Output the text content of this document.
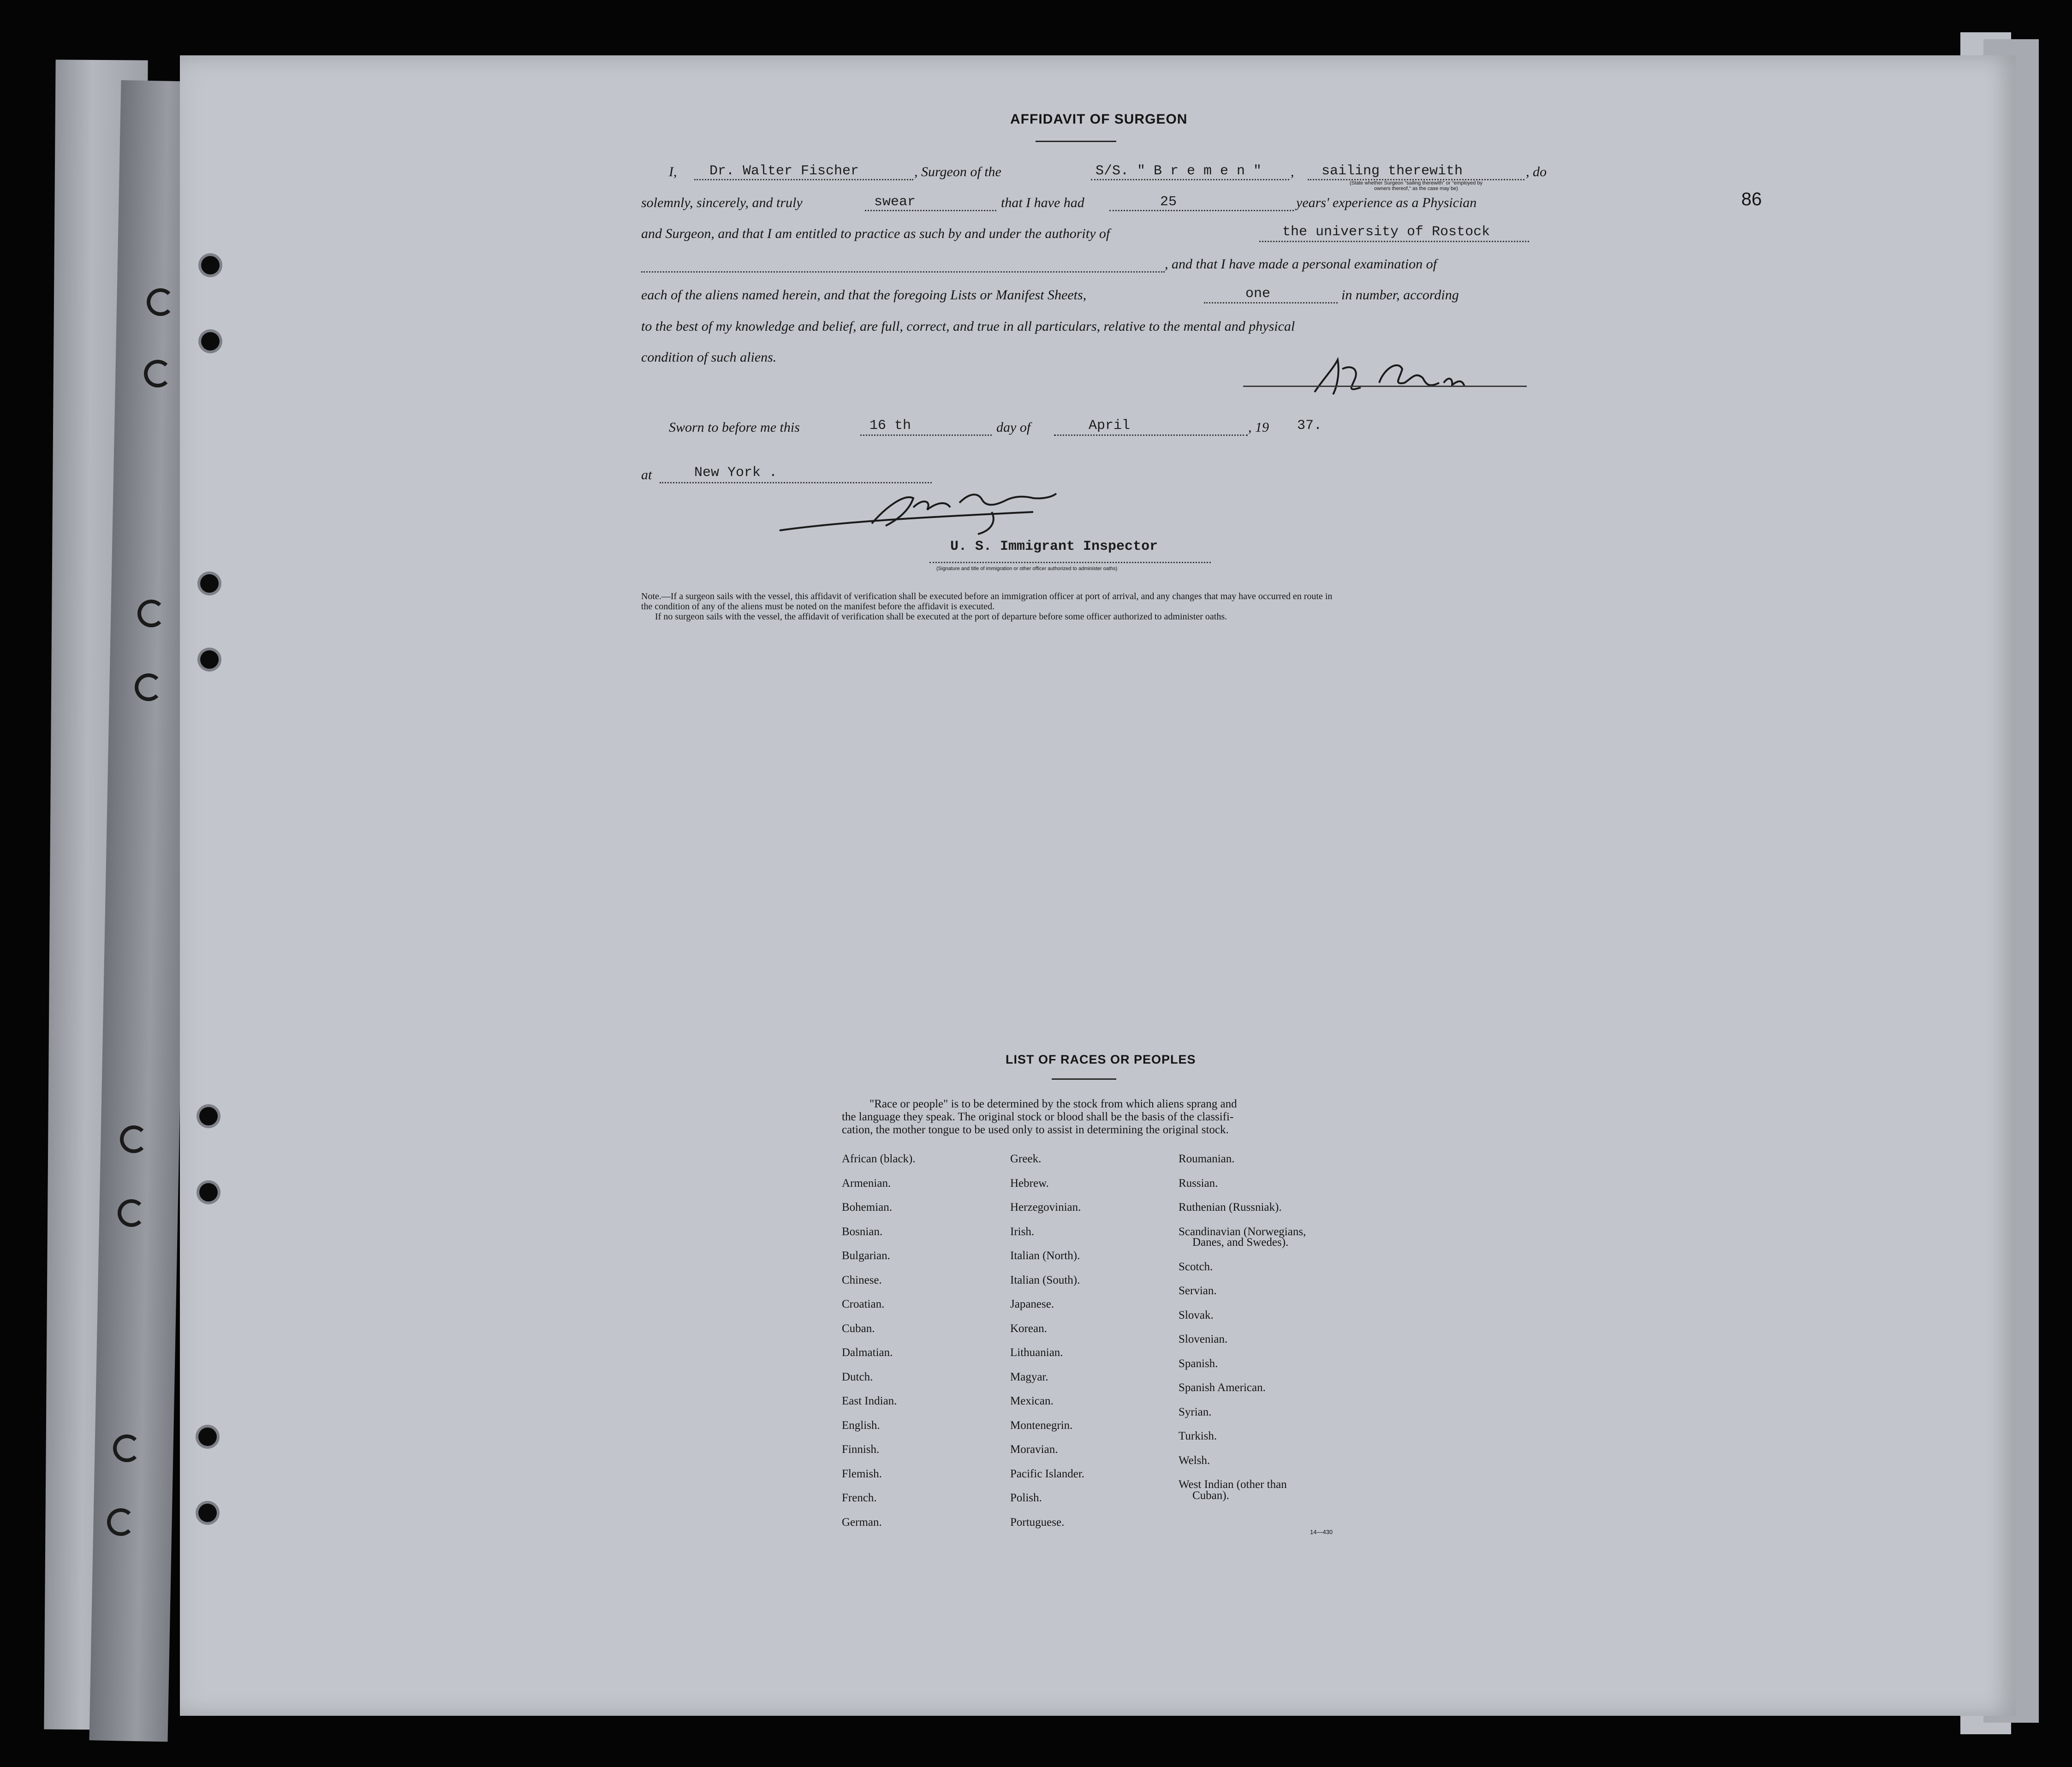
86
AFFIDAVIT OF SURGEON
I, Dr. Walter Fischer	, Surgeon of the	S/S. " B r e m e n " , sailing therewith	, do
(State whether Surgeon "sailing therewith" or "employed by
owners thereof," as the case may be)
solemnly, sincerely, and truly	swear	that I have had	25	years' experience as a Physician
and Surgeon, and that I am entitled to practice as such by and under the authority of	the university of Rostock
, and that I have made a personal examination of
each of the aliens named herein, and that the foregoing Lists or Manifest Sheets,	one	in number, according
to the best of my knowledge and belief, are full, correct, and true in all particulars, relative to the mental and physical
condition of such aliens.
Sworn to before me this	16 th	day of	April	, 19 37.
at	New York .
U. S. Immigrant Inspector
(Signature and title of immigration or other officer authorized to administer oaths)
Note.—If a surgeon sails with the vessel, this affidavit of verification shall be executed before an immigration officer at port of arrival, and any changes that may have occurred en route in
the condition of any of the aliens must be noted on the manifest before the affidavit is executed.
If no surgeon sails with the vessel, the affidavit of verification shall be executed at the port of departure before some officer authorized to administer oaths.
LIST OF RACES OR PEOPLES
"Race or people" is to be determined by the stock from which aliens sprang and
the language they speak. The original stock or blood shall be the basis of the classifi-
cation, the mother tongue to be used only to assist in determining the original stock.
14—430
African (black).
Armenian.
Bohemian.
Bosnian.
Bulgarian.
Chinese.
Croatian.
Cuban.
Dalmatian.
Dutch.
East Indian.
English.
Finnish.
Flemish.
French.
German.
Greek.
Hebrew.
Herzegovinian.
Irish.
Italian (North).
Italian (South).
Japanese.
Korean.
Lithuanian.
Magyar.
Mexican.
Montenegrin.
Moravian.
Pacific Islander.
Polish.
Portuguese.
Roumanian.
Russian.
Ruthenian (Russniak).
Scandinavian (Norwegians,
Danes, and Swedes).
Scotch.
Servian.
Slovak.
Slovenian.
Spanish.
Spanish American.
Syrian.
Turkish.
Welsh.
West Indian (other than
Cuban).
